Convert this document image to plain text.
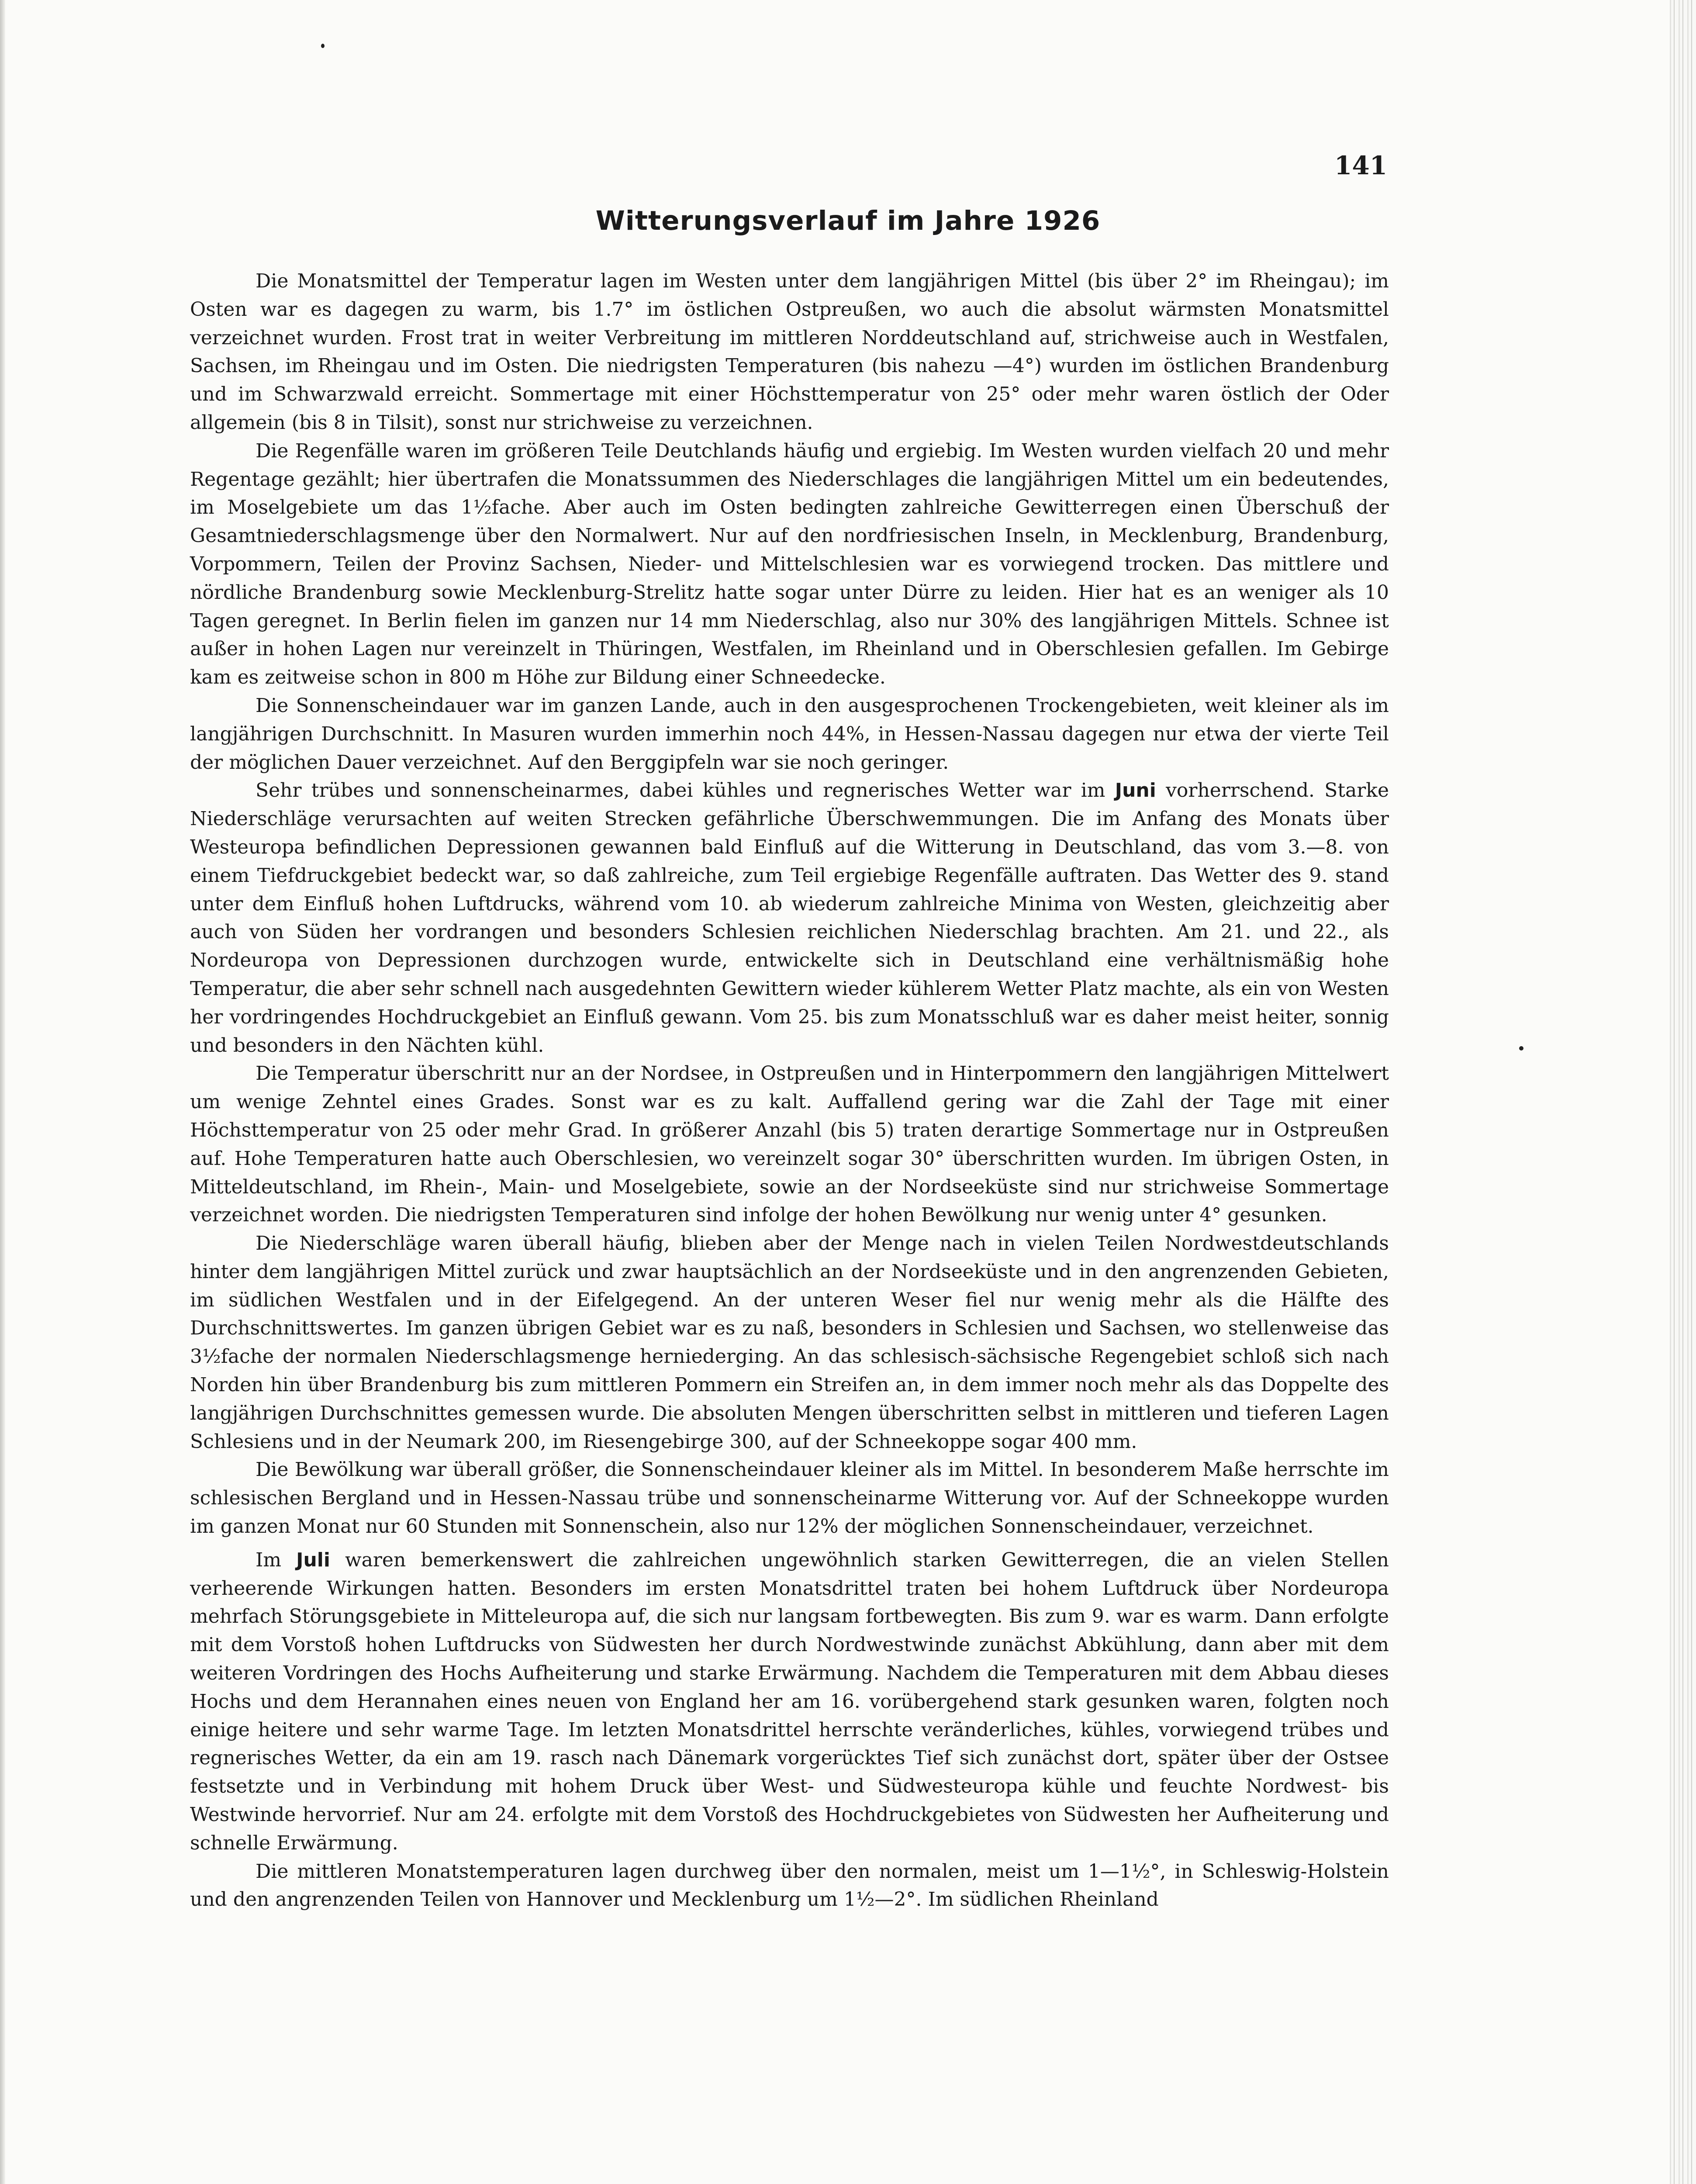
141
Witterungsverlauf im Jahre 1926

Die Monatsmittel der Temperatur lagen im Westen unter dem langjährigen Mittel (bis über 2° im Rheingau); im Osten war es dagegen zu warm, bis 1.7° im östlichen Ostpreußen, wo auch die absolut wärmsten Monatsmittel verzeichnet wurden. Frost trat in weiter Verbreitung im mittleren Norddeutschland auf, strichweise auch in Westfalen, Sachsen, im Rheingau und im Osten. Die niedrigsten Temperaturen (bis nahezu —4°) wurden im östlichen Brandenburg und im Schwarzwald erreicht. Sommertage mit einer Höchsttemperatur von 25° oder mehr waren östlich der Oder allgemein (bis 8 in Tilsit), sonst nur strichweise zu verzeichnen.

Die Regenfälle waren im größeren Teile Deutchlands häufig und ergiebig. Im Westen wurden vielfach 20 und mehr Regentage gezählt; hier übertrafen die Monatssummen des Niederschlages die langjährigen Mittel um ein bedeutendes, im Moselgebiete um das 1½fache. Aber auch im Osten bedingten zahlreiche Gewitterregen einen Überschuß der Gesamtniederschlagsmenge über den Normalwert. Nur auf den nordfriesischen Inseln, in Mecklenburg, Brandenburg, Vorpommern, Teilen der Provinz Sachsen, Nieder- und Mittelschlesien war es vorwiegend trocken. Das mittlere und nördliche Brandenburg sowie Mecklenburg-Strelitz hatte sogar unter Dürre zu leiden. Hier hat es an weniger als 10 Tagen geregnet. In Berlin fielen im ganzen nur 14 mm Niederschlag, also nur 30% des langjährigen Mittels. Schnee ist außer in hohen Lagen nur vereinzelt in Thüringen, Westfalen, im Rheinland und in Oberschlesien gefallen. Im Gebirge kam es zeitweise schon in 800 m Höhe zur Bildung einer Schneedecke.

Die Sonnenscheindauer war im ganzen Lande, auch in den ausgesprochenen Trockengebieten, weit kleiner als im langjährigen Durchschnitt. In Masuren wurden immerhin noch 44%, in Hessen-Nassau dagegen nur etwa der vierte Teil der möglichen Dauer verzeichnet. Auf den Berggipfeln war sie noch geringer.

Sehr trübes und sonnenscheinarmes, dabei kühles und regnerisches Wetter war im Juni vorherrschend. Starke Niederschläge verursachten auf weiten Strecken gefährliche Überschwemmungen. Die im Anfang des Monats über Westeuropa befindlichen Depressionen gewannen bald Einfluß auf die Witterung in Deutschland, das vom 3.—8. von einem Tiefdruckgebiet bedeckt war, so daß zahlreiche, zum Teil ergiebige Regenfälle auftraten. Das Wetter des 9. stand unter dem Einfluß hohen Luftdrucks, während vom 10. ab wiederum zahlreiche Minima von Westen, gleichzeitig aber auch von Süden her vordrangen und besonders Schlesien reichlichen Niederschlag brachten. Am 21. und 22., als Nordeuropa von Depressionen durchzogen wurde, entwickelte sich in Deutschland eine verhältnismäßig hohe Temperatur, die aber sehr schnell nach ausgedehnten Gewittern wieder kühlerem Wetter Platz machte, als ein von Westen her vordringendes Hochdruckgebiet an Einfluß gewann. Vom 25. bis zum Monatsschluß war es daher meist heiter, sonnig und besonders in den Nächten kühl.

Die Temperatur überschritt nur an der Nordsee, in Ostpreußen und in Hinterpommern den langjährigen Mittelwert um wenige Zehntel eines Grades. Sonst war es zu kalt. Auffallend gering war die Zahl der Tage mit einer Höchsttemperatur von 25 oder mehr Grad. In größerer Anzahl (bis 5) traten derartige Sommertage nur in Ostpreußen auf. Hohe Temperaturen hatte auch Oberschlesien, wo vereinzelt sogar 30° überschritten wurden. Im übrigen Osten, in Mitteldeutschland, im Rhein-, Main- und Moselgebiete, sowie an der Nordseeküste sind nur strichweise Sommertage verzeichnet worden. Die niedrigsten Temperaturen sind infolge der hohen Bewölkung nur wenig unter 4° gesunken.

Die Niederschläge waren überall häufig, blieben aber der Menge nach in vielen Teilen Nordwestdeutschlands hinter dem langjährigen Mittel zurück und zwar hauptsächlich an der Nordseeküste und in den angrenzenden Gebieten, im südlichen Westfalen und in der Eifelgegend. An der unteren Weser fiel nur wenig mehr als die Hälfte des Durchschnittswertes. Im ganzen übrigen Gebiet war es zu naß, besonders in Schlesien und Sachsen, wo stellenweise das 3½fache der normalen Niederschlagsmenge herniederging. An das schlesisch-sächsische Regengebiet schloß sich nach Norden hin über Brandenburg bis zum mittleren Pommern ein Streifen an, in dem immer noch mehr als das Doppelte des langjährigen Durchschnittes gemessen wurde. Die absoluten Mengen überschritten selbst in mittleren und tieferen Lagen Schlesiens und in der Neumark 200, im Riesengebirge 300, auf der Schneekoppe sogar 400 mm.

Die Bewölkung war überall größer, die Sonnenscheindauer kleiner als im Mittel. In besonderem Maße herrschte im schlesischen Bergland und in Hessen-Nassau trübe und sonnenscheinarme Witterung vor. Auf der Schneekoppe wurden im ganzen Monat nur 60 Stunden mit Sonnenschein, also nur 12% der möglichen Sonnenscheindauer, verzeichnet.

Im Juli waren bemerkenswert die zahlreichen ungewöhnlich starken Gewitterregen, die an vielen Stellen verheerende Wirkungen hatten. Besonders im ersten Monatsdrittel traten bei hohem Luftdruck über Nordeuropa mehrfach Störungsgebiete in Mitteleuropa auf, die sich nur langsam fortbewegten. Bis zum 9. war es warm. Dann erfolgte mit dem Vorstoß hohen Luftdrucks von Südwesten her durch Nordwestwinde zunächst Abkühlung, dann aber mit dem weiteren Vordringen des Hochs Aufheiterung und starke Erwärmung. Nachdem die Temperaturen mit dem Abbau dieses Hochs und dem Herannahen eines neuen von England her am 16. vorübergehend stark gesunken waren, folgten noch einige heitere und sehr warme Tage. Im letzten Monatsdrittel herrschte veränderliches, kühles, vorwiegend trübes und regnerisches Wetter, da ein am 19. rasch nach Dänemark vorgerücktes Tief sich zunächst dort, später über der Ostsee festsetzte und in Verbindung mit hohem Druck über West- und Südwesteuropa kühle und feuchte Nordwest- bis Westwinde hervorrief. Nur am 24. erfolgte mit dem Vorstoß des Hochdruckgebietes von Südwesten her Aufheiterung und schnelle Erwärmung.

Die mittleren Monatstemperaturen lagen durchweg über den normalen, meist um 1—1½°, in Schleswig-Holstein und den angrenzenden Teilen von Hannover und Mecklenburg um 1½—2°. Im südlichen Rheinland
